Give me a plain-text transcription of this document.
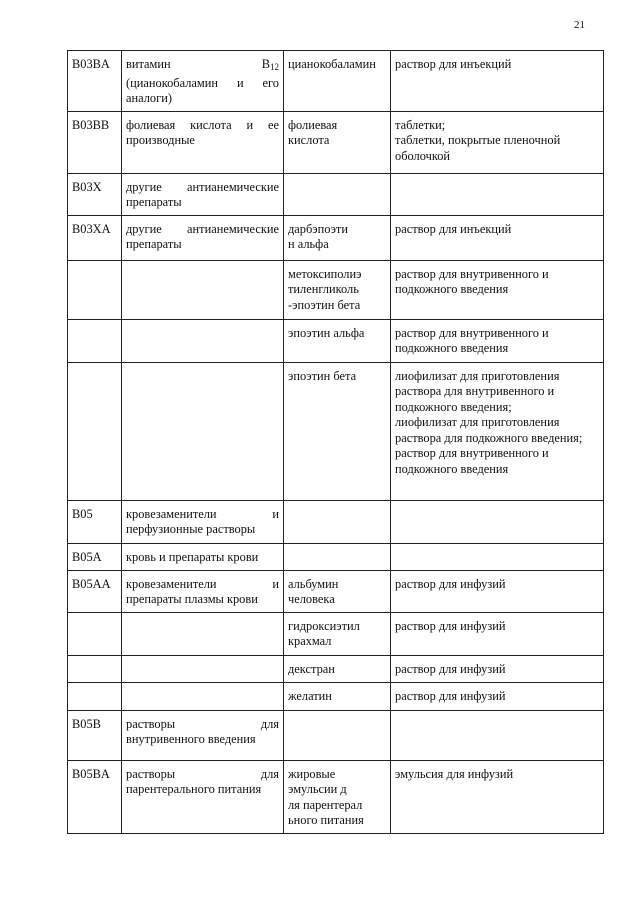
21
B03BA	витамин $B_{12}$
(цианокобаламин и его
аналоги)	цианокобаламин	раствор для инъекций

B03BB	фолиевая кислота и ее
производные	фолиевая
кислота	таблетки;
таблетки, покрытые пленочной оболочкой

B03X	другие антианемические
препараты		

B03XA	другие антианемические
препараты	дарбэпоэти
н альфа	раствор для инъекций

		метоксиполиэ
тиленгликоль
-эпоэтин бета	раствор для внутривенного и подкожного введения

		эпоэтин альфа	раствор для внутривенного и подкожного введения

		эпоэтин бета	лиофилизат для приготовления раствора для внутривенного и подкожного введения;
лиофилизат для приготовления раствора для подкожного введения;
раствор для внутривенного и подкожного введения

B05	кровезаменители и
перфузионные растворы		

B05A	кровь и препараты крови		

B05AA	кровезаменители и
препараты плазмы крови	альбумин
человека	раствор для инфузий

		гидроксиэтил
крахмал	раствор для инфузий

		декстран	раствор для инфузий

		желатин	раствор для инфузий

B05B	растворы для
внутривенного введения		

B05BA	растворы для
парентерального питания	жировые
эмульсии д
ля парентерал
ьного питания	эмульсия для инфузий
